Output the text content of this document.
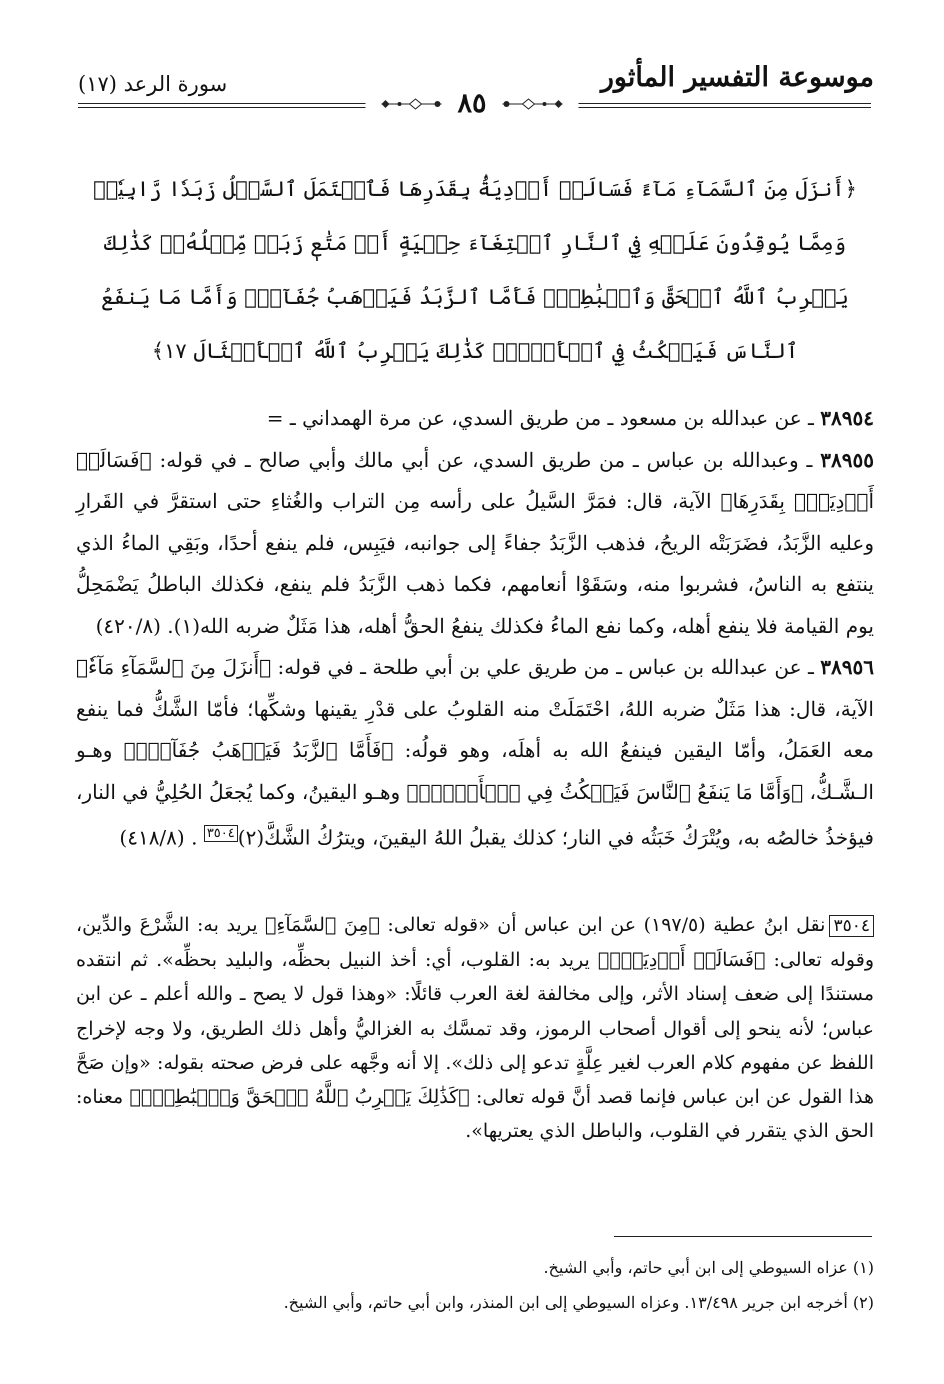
موسوعة التفسير المأثور
سورة الرعد (١٧)
٨٥

﴿أَنزَلَ مِنَ ٱلسَّمَآءِ مَآءً فَسَالَتۡ أَوۡدِيَةُۢ بِقَدَرِهَا فَٱحۡتَمَلَ ٱلسَّيۡلُ زَبَدٗا رَّابِيٗاۖ وَمِمَّا يُوقِدُونَ عَلَيۡهِ فِي ٱلنَّارِ ٱبۡتِغَآءَ حِلۡيَةٍ أَوۡ مَتَٰعٖ زَبَدٞ مِّثۡلُهُۥۚ كَذَٰلِكَ يَضۡرِبُ ٱللَّهُ ٱلۡحَقَّ وَٱلۡبَٰطِلَۚ فَأَمَّا ٱلزَّبَدُ فَيَذۡهَبُ جُفَآءٗۖ وَأَمَّا مَا يَنفَعُ ٱلنَّاسَ فَيَمۡكُثُ فِي ٱلۡأَرۡضِۚ كَذَٰلِكَ يَضۡرِبُ ٱللَّهُ ٱلۡأَمۡثَالَ ١٧﴾

٣٨٩٥٤ ـ عن عبدالله بن مسعود ـ من طريق السدي، عن مرة الهمداني ـ =

٣٨٩٥٥ ـ وعبدالله بن عباس ـ من طريق السدي، عن أبي مالك وأبي صالح ـ في قوله: ﴿فَسَالَتۡ أَوۡدِيَةُۢ بِقَدَرِهَا﴾ الآية، قال: فمَرَّ السَّيلُ على رأسه مِن التراب والغُثاءِ حتى استقرَّ في القَرارِ وعليه الزَّبَدُ، فضَرَبَتْه الريحُ، فذهب الزَّبَدُ جفاءً إلى جوانبه، فيَبِس، فلم ينفع أحدًا، وبَقِي الماءُ الذي ينتفع به الناسُ، فشربوا منه، وسَقَوْا أنعامهم، فكما ذهب الزَّبَدُ فلم ينفع، فكذلك الباطلُ يَضْمَحِلُّ يوم القيامة فلا ينفع أهله، وكما نفع الماءُ فكذلك ينفعُ الحقُّ أهله، هذا مَثَلٌ ضربه الله(١). (٤٢٠/٨)

٣٨٩٥٦ ـ عن عبدالله بن عباس ـ من طريق علي بن أبي طلحة ـ في قوله: ﴿أَنزَلَ مِنَ ٱلسَّمَآءِ مَآءٗ﴾ الآية، قال: هذا مَثَلٌ ضربه اللهُ، احْتَمَلَتْ منه القلوبُ على قدْرِ يقينها وشكِّها؛ فأمّا الشَّكُّ فما ينفع معه العَمَلُ، وأمّا اليقين فينفعُ الله به أهلَه، وهو قولُه: ﴿فَأَمَّا ٱلزَّبَدُ فَيَذۡهَبُ جُفَآءٗۖ﴾ وهـو الـشَّـكُّ، ﴿وَأَمَّا مَا يَنفَعُ ٱلنَّاسَ فَيَمۡكُثُ فِي ٱلۡأَرۡضِۚ﴾ وهـو اليقينُ، وكما يُجعَلُ الحُلِيُّ في النار، فيؤخذُ خالصُه به، ويُتْرَكُ خَبَثُه في النار؛ كذلك يقبلُ اللهُ اليقينَ، ويترُكُ الشَّكَّ(٢)$^{٣٥٠٤}$ . (٤١٨/٨)

٣٥٠٤نقل ابنُ عطية (١٩٧/٥) عن ابن عباس أن «قوله تعالى: ﴿مِنَ ٱلسَّمَآءِ﴾ يريد به: الشَّرْعَ والدِّين، وقوله تعالى: ﴿فَسَالَتۡ أَوۡدِيَةُۢ﴾ يريد به: القلوب، أي: أخذ النبيل بحظِّه، والبليد بحظِّه». ثم انتقده مستندًا إلى ضعف إسناد الأثر، وإلى مخالفة لغة العرب قائلًا: «وهذا قول لا يصح ـ والله أعلم ـ عن ابن عباس؛ لأنه ينحو إلى أقوال أصحاب الرموز، وقد تمسَّك به الغزاليُّ وأهل ذلك الطريق، ولا وجه لإخراج اللفظ عن مفهوم كلام العرب لغير عِلَّةٍ تدعو إلى ذلك». إلا أنه وجَّهه على فرض صحته بقوله: «وإن صَحَّ هذا القول عن ابن عباس فإنما قصد أنَّ قوله تعالى: ﴿كَذَٰلِكَ يَضۡرِبُ ٱللَّهُ ٱلۡحَقَّ وَٱلۡبَٰطِلَۚ﴾ معناه: الحق الذي يتقرر في القلوب، والباطل الذي يعتريها».
(١) عزاه السيوطي إلى ابن أبي حاتم، وأبي الشيخ.
(٢) أخرجه ابن جرير ١٣/٤٩٨. وعزاه السيوطي إلى ابن المنذر، وابن أبي حاتم، وأبي الشيخ.
